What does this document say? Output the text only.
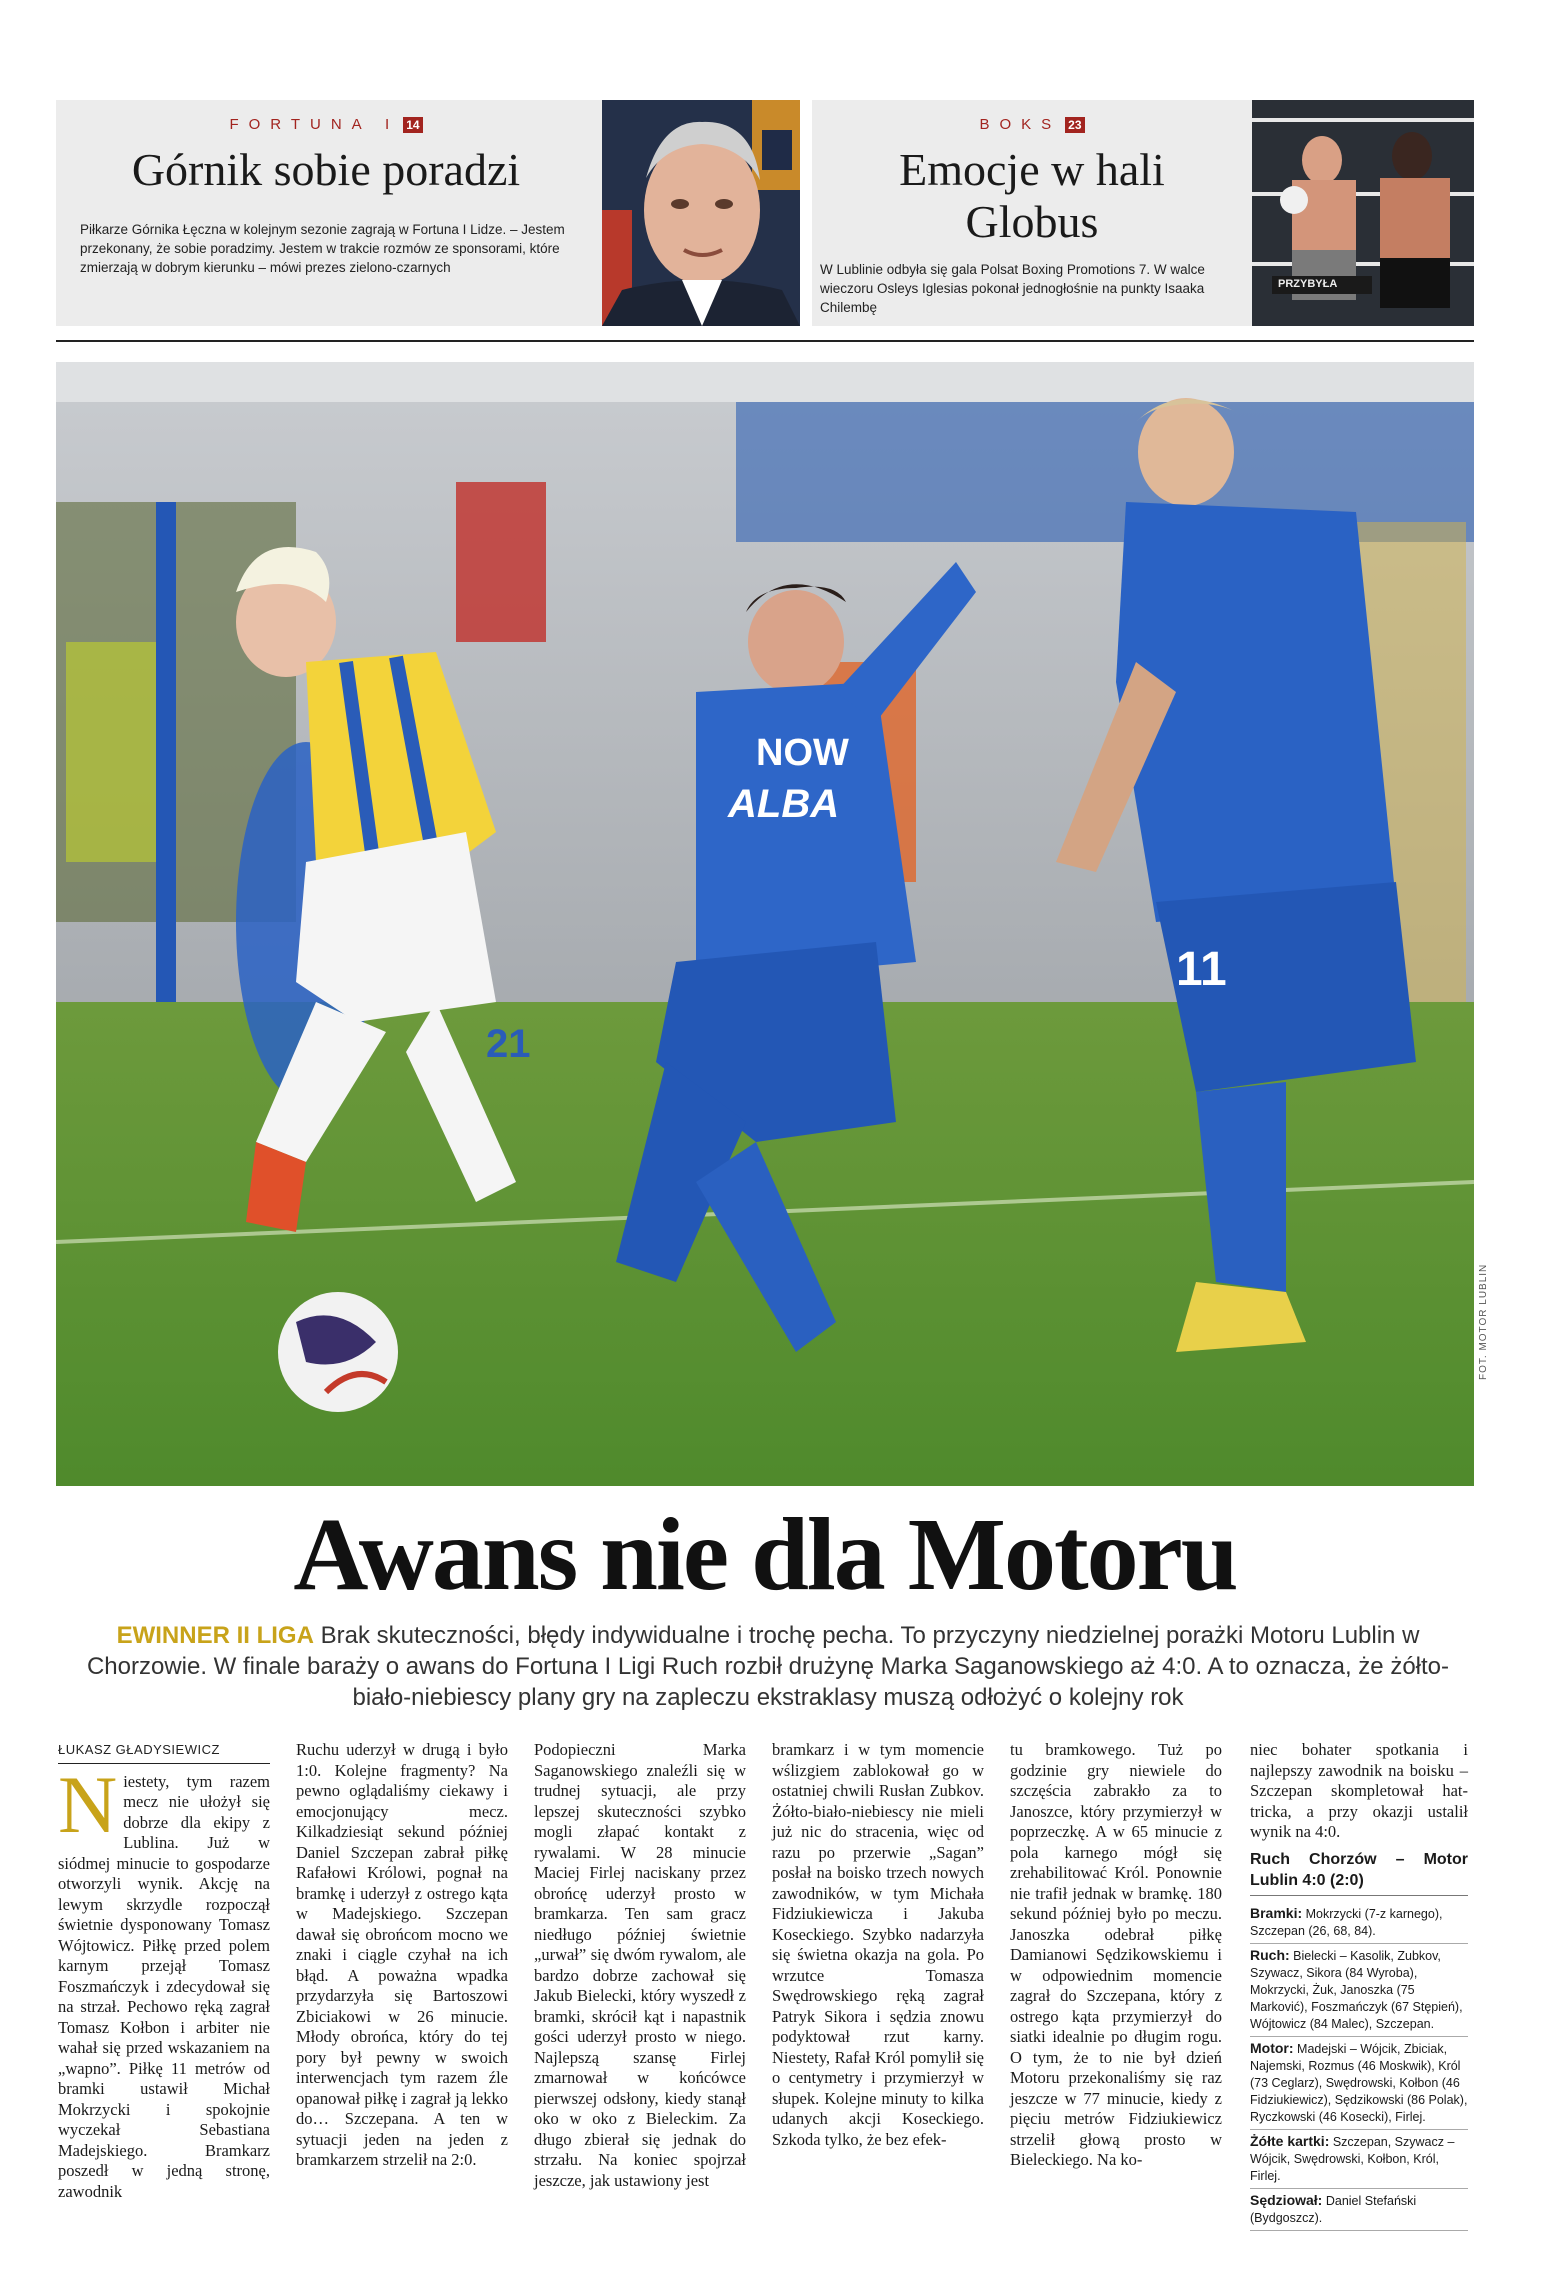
FORTUNA I 14
Górnik sobie poradzi
Piłkarze Górnika Łęczna w kolejnym sezonie zagrają w Fortuna I Lidze. – Jestem przekonany, że sobie poradzimy. Jestem w trakcie rozmów ze sponsorami, które zmierzają w dobrym kierunku – mówi prezes zielono-czarnych
BOKS 23
Emocje w hali Globus
W Lublinie odbyła się gala Polsat Boxing Promotions 7. W walce wieczoru Osleys Iglesias pokonał jednogłośnie na punkty Isaaka Chilembę
PRZYBYŁA
NOW
ALBA
21
11
FOT. MOTOR LUBLIN
Awans nie dla Motoru
EWINNER II LIGA Brak skuteczności, błędy indywidualne i trochę pecha. To przyczyny niedzielnej porażki Motoru Lublin w Chorzowie. W finale baraży o awans do Fortuna I Ligi Ruch rozbił drużynę Marka Saganowskiego aż 4:0. A to oznacza, że żółto-biało-niebiescy plany gry na zapleczu ekstraklasy muszą odłożyć o kolejny rok
ŁUKASZ GŁADYSIEWICZ
N iestety, tym razem mecz nie ułożył się dobrze dla ekipy z Lublina. Już w siódmej minucie to gospodarze otworzyli wynik. Akcję na lewym skrzydle rozpoczął świetnie dysponowany Tomasz Wójtowicz. Piłkę przed polem karnym przejął Tomasz Foszmańczyk i zdecydował się na strzał. Pechowo ręką zagrał Tomasz Kołbon i arbiter nie wahał się przed wskazaniem na „wapno”. Piłkę 11 metrów od bramki ustawił Michał Mokrzycki i spokojnie wyczekał Sebastiana Madejskiego. Bramkarz poszedł w jedną stronę, zawodnik
Ruchu uderzył w drugą i było 1:0. Kolejne fragmenty? Na pewno oglądaliśmy ciekawy i emocjonujący mecz. Kilkadziesiąt sekund później Daniel Szczepan zabrał piłkę Rafałowi Królowi, pognał na bramkę i uderzył z ostrego kąta w Madejskiego. Szczepan dawał się obrońcom mocno we znaki i ciągle czyhał na ich błąd. A poważna wpadka przydarzyła się Bartoszowi Zbiciakowi w 26 minucie. Młody obrońca, który do tej pory był pewny w swoich interwencjach tym razem źle opanował piłkę i zagrał ją lekko do… Szczepana. A ten w sytuacji jeden na jeden z bramkarzem strzelił na 2:0.
Podopieczni Marka Saganowskiego znaleźli się w trudnej sytuacji, ale przy lepszej skuteczności szybko mogli złapać kontakt z rywalami. W 28 minucie Maciej Firlej naciskany przez obrońcę uderzył prosto w bramkarza. Ten sam gracz niedługo później świetnie „urwał” się dwóm rywalom, ale bardzo dobrze zachował się Jakub Bielecki, który wyszedł z bramki, skrócił kąt i napastnik gości uderzył prosto w niego. Najlepszą szansę Firlej zmarnował w końcówce pierwszej odsłony, kiedy stanął oko w oko z Bieleckim. Za długo zbierał się jednak do strzału. Na koniec spojrzał jeszcze, jak ustawiony jest
bramkarz i w tym momencie wślizgiem zablokował go w ostatniej chwili Rusłan Zubkov. Żółto-biało-niebiescy nie mieli już nic do stracenia, więc od razu po przerwie „Sagan” posłał na boisko trzech nowych zawodników, w tym Michała Fidziukiewicza i Jakuba Koseckiego. Szybko nadarzyła się świetna okazja na gola. Po wrzutce Tomasza Swędrowskiego ręką zagrał Patryk Sikora i sędzia znowu podyktował rzut karny. Niestety, Rafał Król pomylił się o centymetry i przymierzył w słupek. Kolejne minuty to kilka udanych akcji Koseckiego. Szkoda tylko, że bez efek-
tu bramkowego. Tuż po godzinie gry niewiele do szczęścia zabrakło za to Janoszce, który przymierzył w poprzeczkę. A w 65 minucie z pola karnego mógł się zrehabilitować Król. Ponownie nie trafił jednak w bramkę. 180 sekund później było po meczu. Janoszka odebrał piłkę Damianowi Sędzikowskiemu i w odpowiednim momencie zagrał do Szczepana, który z ostrego kąta przymierzył do siatki idealnie po długim rogu. O tym, że to nie był dzień Motoru przekonaliśmy się raz jeszcze w 77 minucie, kiedy z pięciu metrów Fidziukiewicz strzelił głową prosto w Bieleckiego. Na ko-
niec bohater spotkania i najlepszy zawodnik na boisku – Szczepan skompletował hat-tricka, a przy okazji ustalił wynik na 4:0.
Ruch Chorzów – Motor Lublin 4:0 (2:0)
Bramki: Mokrzycki (7-z karnego), Szczepan (26, 68, 84).
Ruch: Bielecki – Kasolik, Zubkov, Szywacz, Sikora (84 Wyroba), Mokrzycki, Żuk, Janoszka (75 Marković), Foszmańczyk (67 Stępień), Wójtowicz (84 Malec), Szczepan.
Motor: Madejski – Wójcik, Zbiciak, Najemski, Rozmus (46 Moskwik), Król (73 Ceglarz), Swędrowski, Kołbon (46 Fidziukiewicz), Sędzikowski (86 Polak), Ryczkowski (46 Kosecki), Firlej.
Żółte kartki: Szczepan, Szywacz – Wójcik, Swędrowski, Kołbon, Król, Firlej.
Sędziował: Daniel Stefański (Bydgoszcz).
